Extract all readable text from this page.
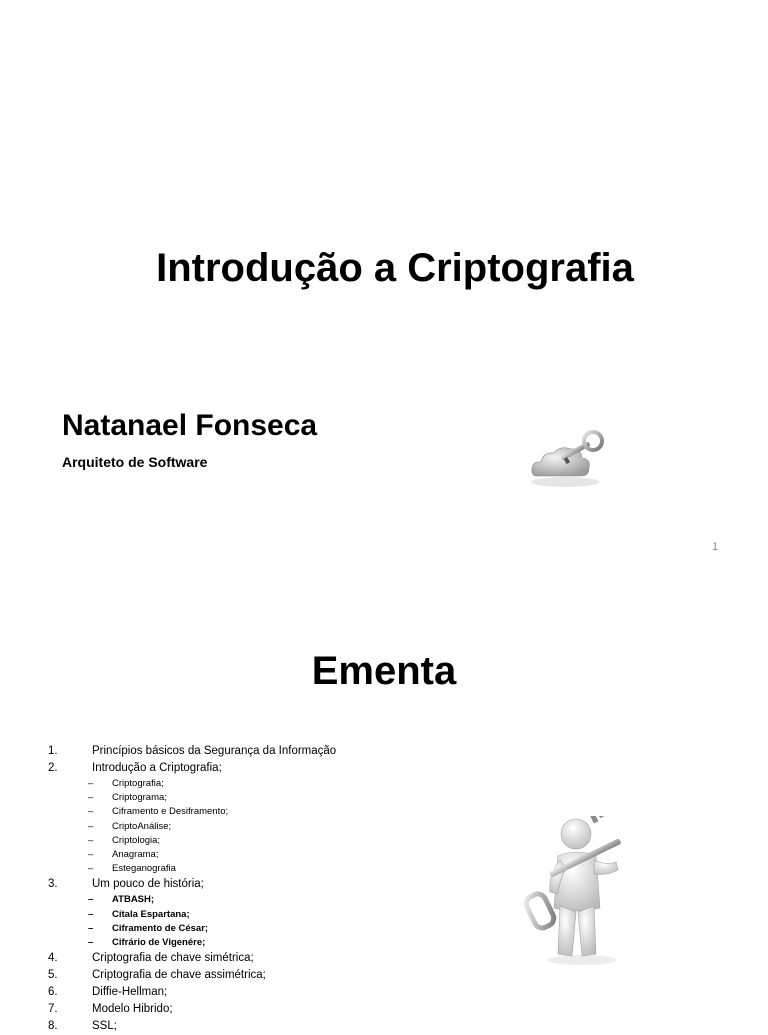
Introdução a Criptografia
Natanael Fonseca
Arquiteto de Software
1
Ementa
1.	Princípios básicos da Segurança da Informação
2.	Introdução a Criptografia;
– Criptografia;
– Criptograma;
– Ciframento e Desiframento;
– CriptoAnálise;
– Criptologia;
– Anagrama;
– Esteganografia
3.	Um pouco de história;
– ATBASH;
– Cítala Espartana;
– Ciframento de César;
– Cifrário de Vigenére;
4.	Criptografia de chave simétrica;
5.	Criptografia de chave assimétrica;
6.	Diffie-Hellman;
7.	Modelo Hibrido;
8.	SSL;
